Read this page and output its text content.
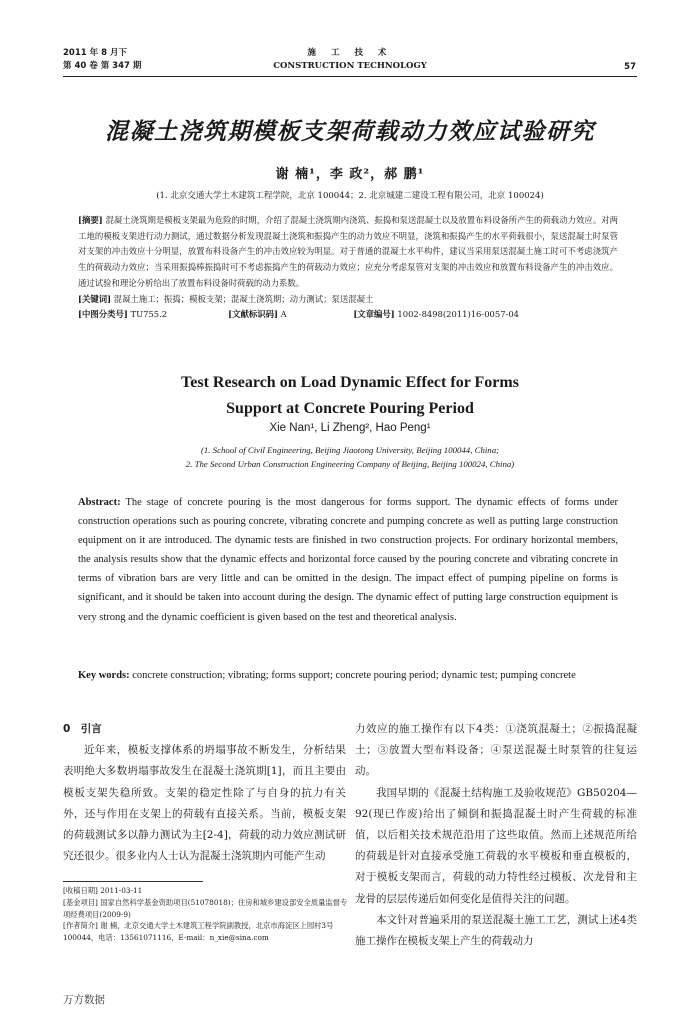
2011 年 8 月下
第 40 卷 第 347 期
施 工 技 术
CONSTRUCTION TECHNOLOGY	57
混凝土浇筑期模板支架荷载动力效应试验研究
谢 楠¹，李 政²，郝 鹏¹
(1. 北京交通大学土木建筑工程学院，北京 100044；2. 北京城建二建设工程有限公司，北京 100024)
[摘要] 混凝土浇筑期是模板支架最为危险的时期，介绍了混凝土浇筑期内浇筑、振捣和泵送混凝土以及放置布料设备所产生的荷载动力效应。对两工地的模板支架进行动力测试，通过数据分析发现混凝土浇筑和振捣产生的动力效应不明显，浇筑和振捣产生的水平荷载很小，泵送混凝土时泵管对支架的冲击效应十分明显，放置布料设备产生的冲击效应较为明显。对于普通的混凝土水平构件，建议当采用泵送混凝土施工时可不考虑浇筑产生的荷载动力效应；当采用振捣棒振捣时可不考虑振捣产生的荷载动力效应；应充分考虑泵管对支架的冲击效应和放置布料设备产生的冲击效应。通过试验和理论分析给出了放置布料设备时荷载的动力系数。
[关键词] 混凝土施工；振捣；模板支架；混凝土浇筑期；动力测试；泵送混凝土
[中图分类号] TU755.2	[文献标识码] A	[文章编号] 1002-8498(2011)16-0057-04
Test Research on Load Dynamic Effect for Forms
Support at Concrete Pouring Period
Xie Nan¹, Li Zheng², Hao Peng¹
(1. School of Civil Engineering, Beijing Jiaotong University, Beijing 100044, China;
2. The Second Urban Construction Engineering Company of Beijing, Beijing 100024, China)
Abstract: The stage of concrete pouring is the most dangerous for forms support. The dynamic effects of forms under construction operations such as pouring concrete, vibrating concrete and pumping concrete as well as putting large construction equipment on it are introduced. The dynamic tests are finished in two construction projects. For ordinary horizontal members, the analysis results show that the dynamic effects and horizontal force caused by the pouring concrete and vibrating concrete in terms of vibration bars are very little and can be omitted in the design. The impact effect of pumping pipeline on forms is significant, and it should be taken into account during the design. The dynamic effect of putting large construction equipment is very strong and the dynamic coefficient is given based on the test and theoretical analysis.
Key words: concrete construction; vibrating; forms support; concrete pouring period; dynamic test; pumping concrete

0　引言

近年来，模板支撑体系的坍塌事故不断发生，分析结果表明绝大多数坍塌事故发生在混凝土浇筑期[1]，而且主要由模板支架失稳所致。支架的稳定性除了与自身的抗力有关外，还与作用在支架上的荷载有直接关系。当前，模板支架的荷载测试多以静力测试为主[2-4]，荷载的动力效应测试研究还很少。很多业内人士认为混凝土浇筑期内可能产生动

[收稿日期] 2011-03-11
[基金项目] 国家自然科学基金资助项目(51078018)；住房和城乡建设部安全质量监督专项经费项目(2009-9)
[作者简介] 谢 楠，北京交通大学土木建筑工程学院副教授，北京市海淀区上园村3号 100044，电话：13561071116，E-mail：n_xie@sina.com

力效应的施工操作有以下4类：①浇筑混凝土；②振捣混凝土；③放置大型布料设备；④泵送混凝土时泵管的往复运动。

我国早期的《混凝土结构施工及验收规范》GB50204—92(现已作废)给出了倾倒和振捣混凝土时产生荷载的标准值，以后相关技术规范沿用了这些取值。然而上述规范所给的荷载是针对直接承受施工荷载的水平模板和垂直模板的，对于模板支架而言，荷载的动力特性经过模板、次龙骨和主龙骨的层层传递后如何变化是值得关注的问题。

本文针对普遍采用的泵送混凝土施工工艺，测试上述4类施工操作在模板支架上产生的荷载动力

万方数据
